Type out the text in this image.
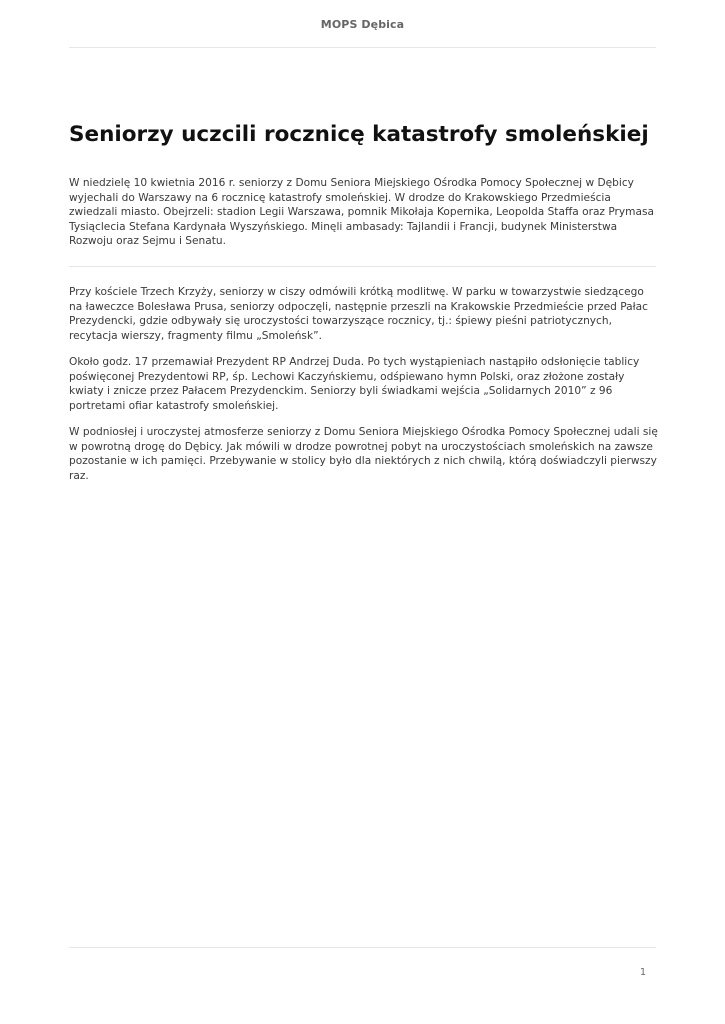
MOPS Dębica
Seniorzy uczcili rocznicę katastrofy smoleńskiej

W niedzielę 10 kwietnia 2016 r. seniorzy z Domu Seniora Miejskiego Ośrodka Pomocy Społecznej w Dębicy wyjechali do Warszawy na 6 rocznicę katastrofy smoleńskiej. W drodze do Krakowskiego Przedmieścia zwiedzali miasto. Obejrzeli: stadion Legii Warszawa, pomnik Mikołaja Kopernika, Leopolda Staffa oraz Prymasa Tysiąclecia Stefana Kardynała Wyszyńskiego. Minęli ambasady: Tajlandii i Francji, budynek Ministerstwa Rozwoju oraz Sejmu i Senatu.

Przy kościele Trzech Krzyży, seniorzy w ciszy odmówili krótką modlitwę. W parku w towarzystwie siedzącego na ławeczce Bolesława Prusa, seniorzy odpoczęli, następnie przeszli na Krakowskie Przedmieście przed Pałac Prezydencki, gdzie odbywały się uroczystości towarzyszące rocznicy, tj.: śpiewy pieśni patriotycznych, recytacja wierszy, fragmenty filmu „Smoleńsk”.

Około godz. 17 przemawiał Prezydent RP Andrzej Duda. Po tych wystąpieniach nastąpiło odsłonięcie tablicy poświęconej Prezydentowi RP, śp. Lechowi Kaczyńskiemu, odśpiewano hymn Polski, oraz złożone zostały kwiaty i znicze przez Pałacem Prezydenckim. Seniorzy byli świadkami wejścia „Solidarnych 2010” z 96 portretami ofiar katastrofy smoleńskiej.

W podniosłej i uroczystej atmosferze seniorzy z Domu Seniora Miejskiego Ośrodka Pomocy Społecznej udali się w powrotną drogę do Dębicy. Jak mówili w drodze powrotnej pobyt na uroczystościach smoleńskich na zawsze pozostanie w ich pamięci. Przebywanie w stolicy było dla niektórych z nich chwilą, którą doświadczyli pierwszy raz.

1
